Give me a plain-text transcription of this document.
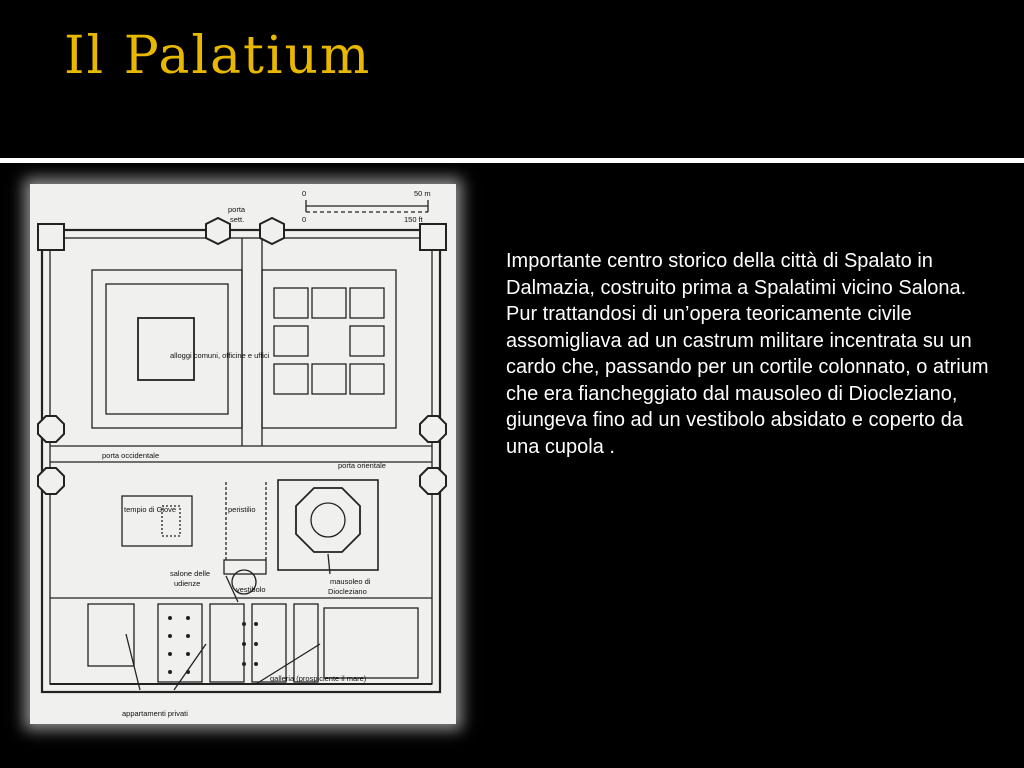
Il Palatium
porta
sett.
0	50 m
0	150 ft
alloggi comuni, officine e uffici
porta occidentale
porta orientale
tempio di Giove	peristilio
salone delle
udienze
vestibolo
mausoleo di
Diocleziano
galleria (prospiciente il mare)
appartamenti privati

Importante centro storico della città di Spalato in Dalmazia, costruito prima a Spalatimi vicino Salona. Pur trattandosi di un’opera teoricamente civile assomigliava ad un castrum militare incentrata su un cardo che, passando per un cortile colonnato, o atrium che era fiancheggiato dal mausoleo di Diocleziano, giungeva fino ad un vestibolo absidato e coperto da una cupola .
